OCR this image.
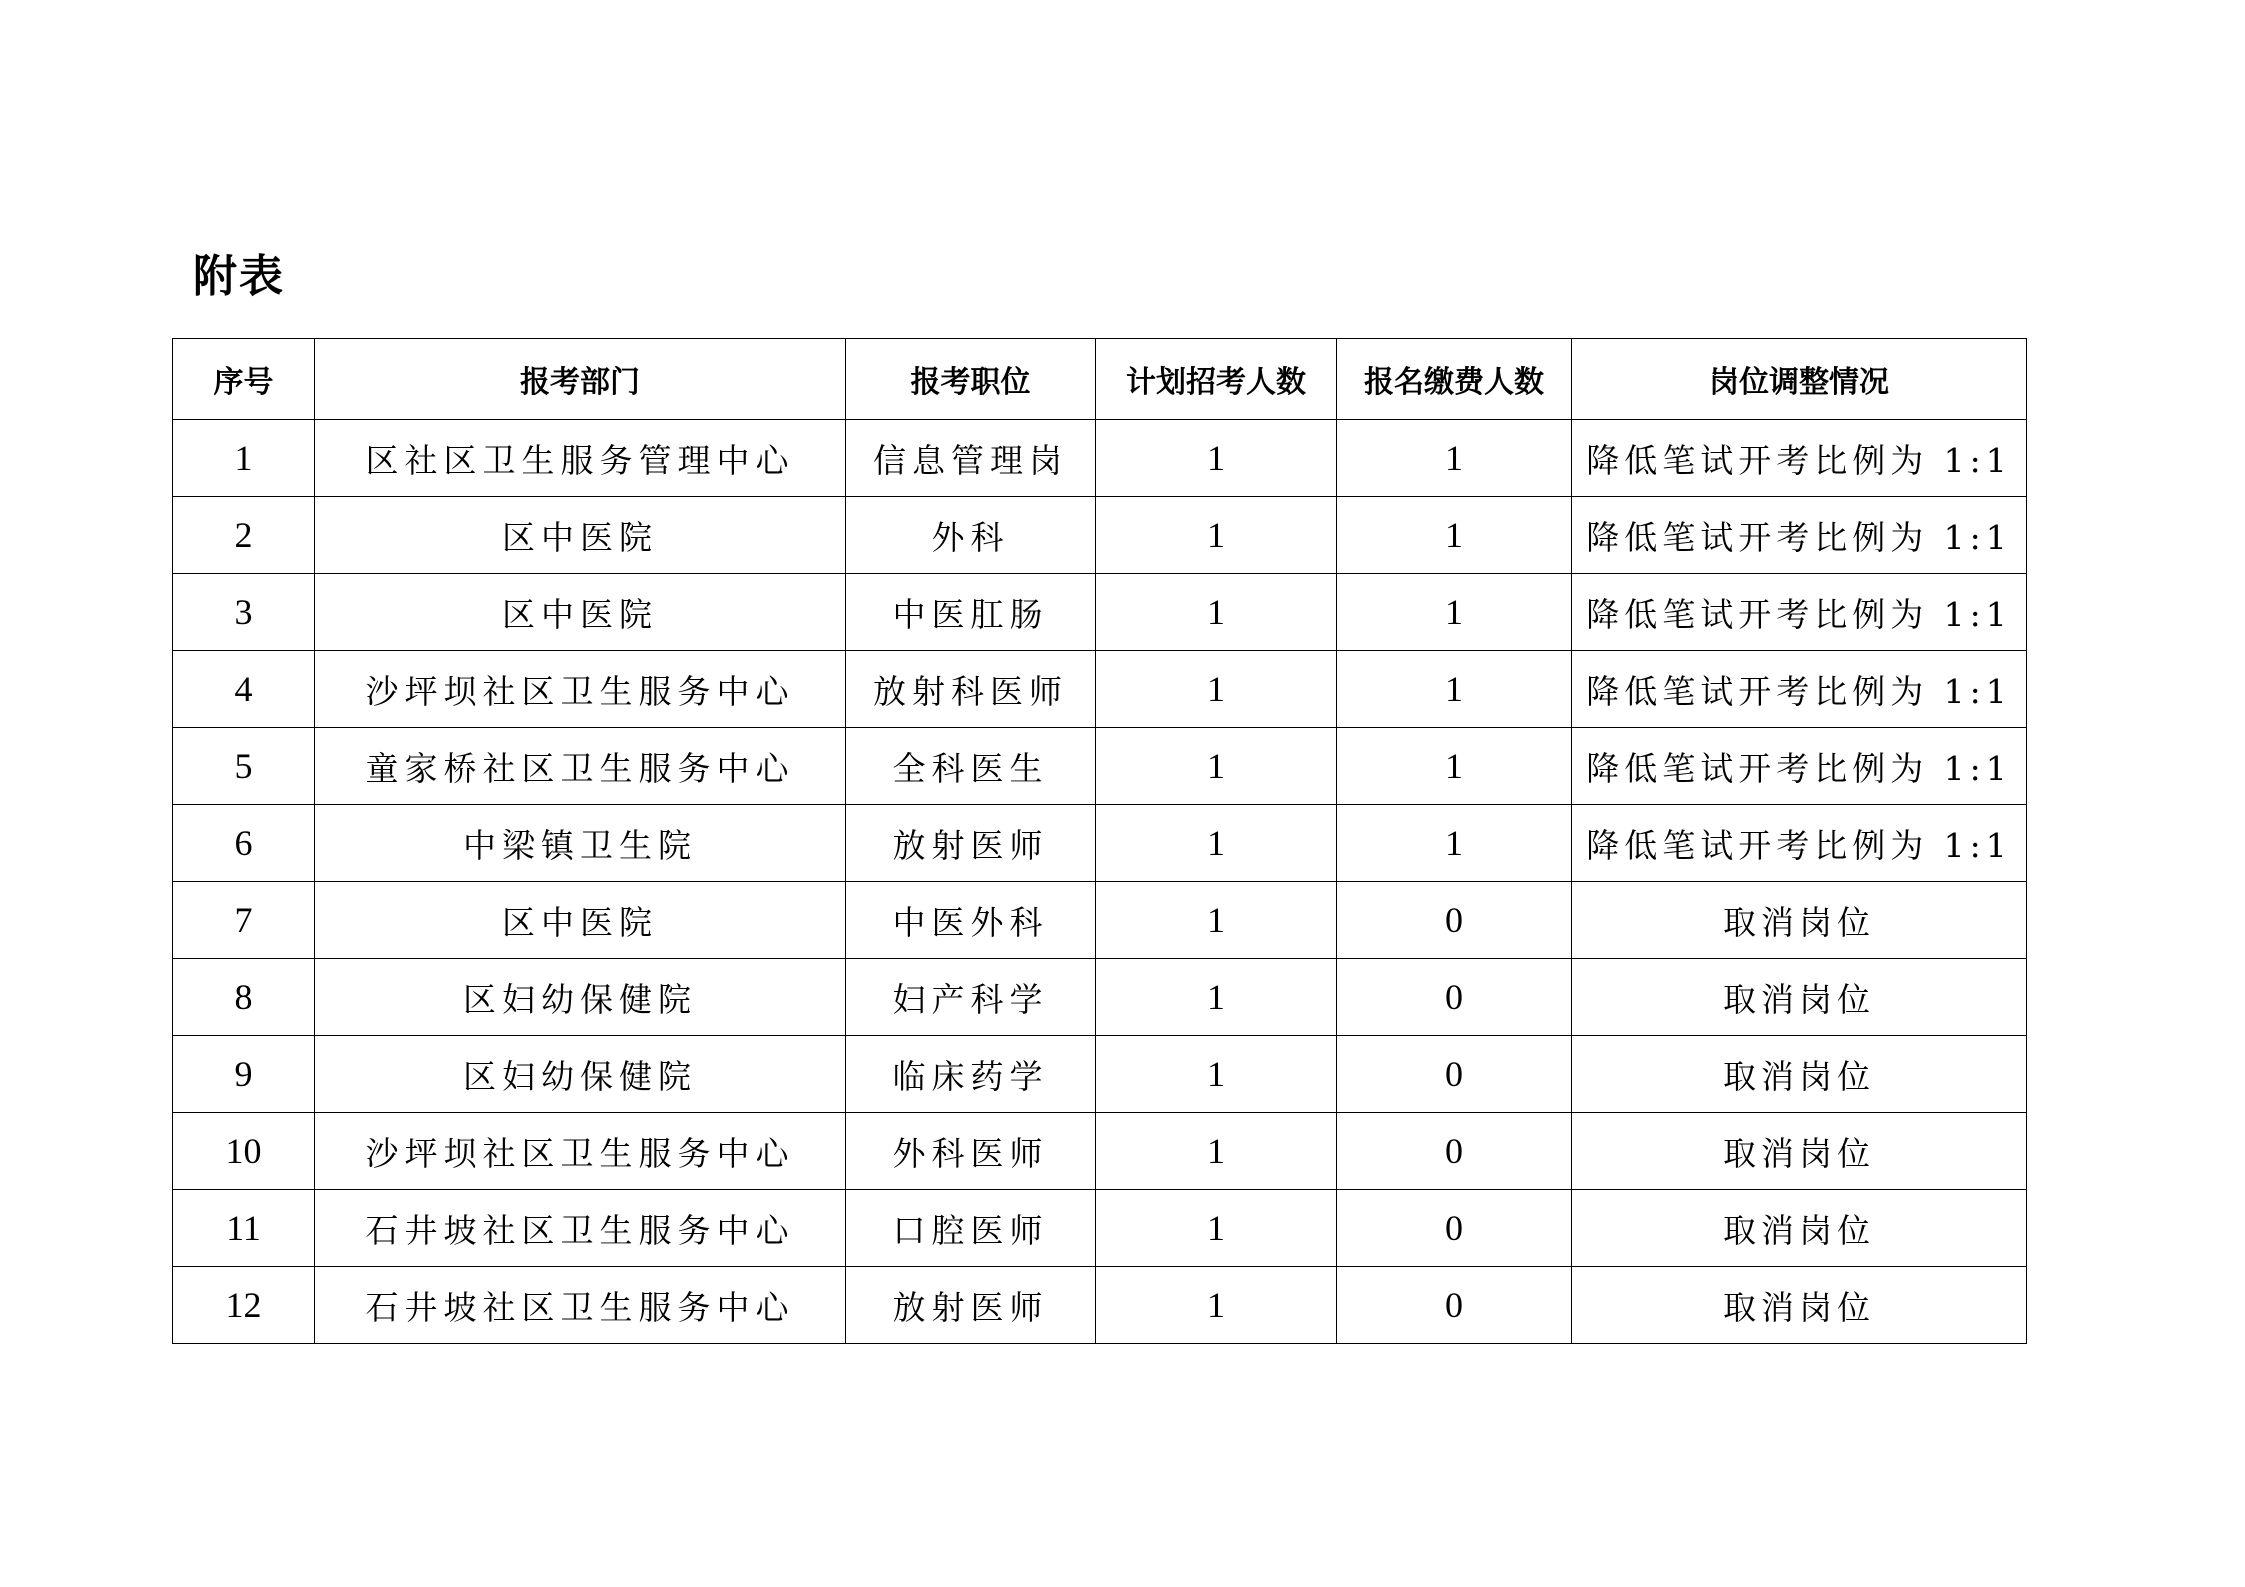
附表
序号	报考部门	报考职位	计划招考人数	报名缴费人数	岗位调整情况
1	区社区卫生服务管理中心	信息管理岗	1	1	降低笔试开考比例为 1:1
2	区中医院	外科	1	1	降低笔试开考比例为 1:1
3	区中医院	中医肛肠	1	1	降低笔试开考比例为 1:1
4	沙坪坝社区卫生服务中心	放射科医师	1	1	降低笔试开考比例为 1:1
5	童家桥社区卫生服务中心	全科医生	1	1	降低笔试开考比例为 1:1
6	中梁镇卫生院	放射医师	1	1	降低笔试开考比例为 1:1
7	区中医院	中医外科	1	0	取消岗位
8	区妇幼保健院	妇产科学	1	0	取消岗位
9	区妇幼保健院	临床药学	1	0	取消岗位
10	沙坪坝社区卫生服务中心	外科医师	1	0	取消岗位
11	石井坡社区卫生服务中心	口腔医师	1	0	取消岗位
12	石井坡社区卫生服务中心	放射医师	1	0	取消岗位
